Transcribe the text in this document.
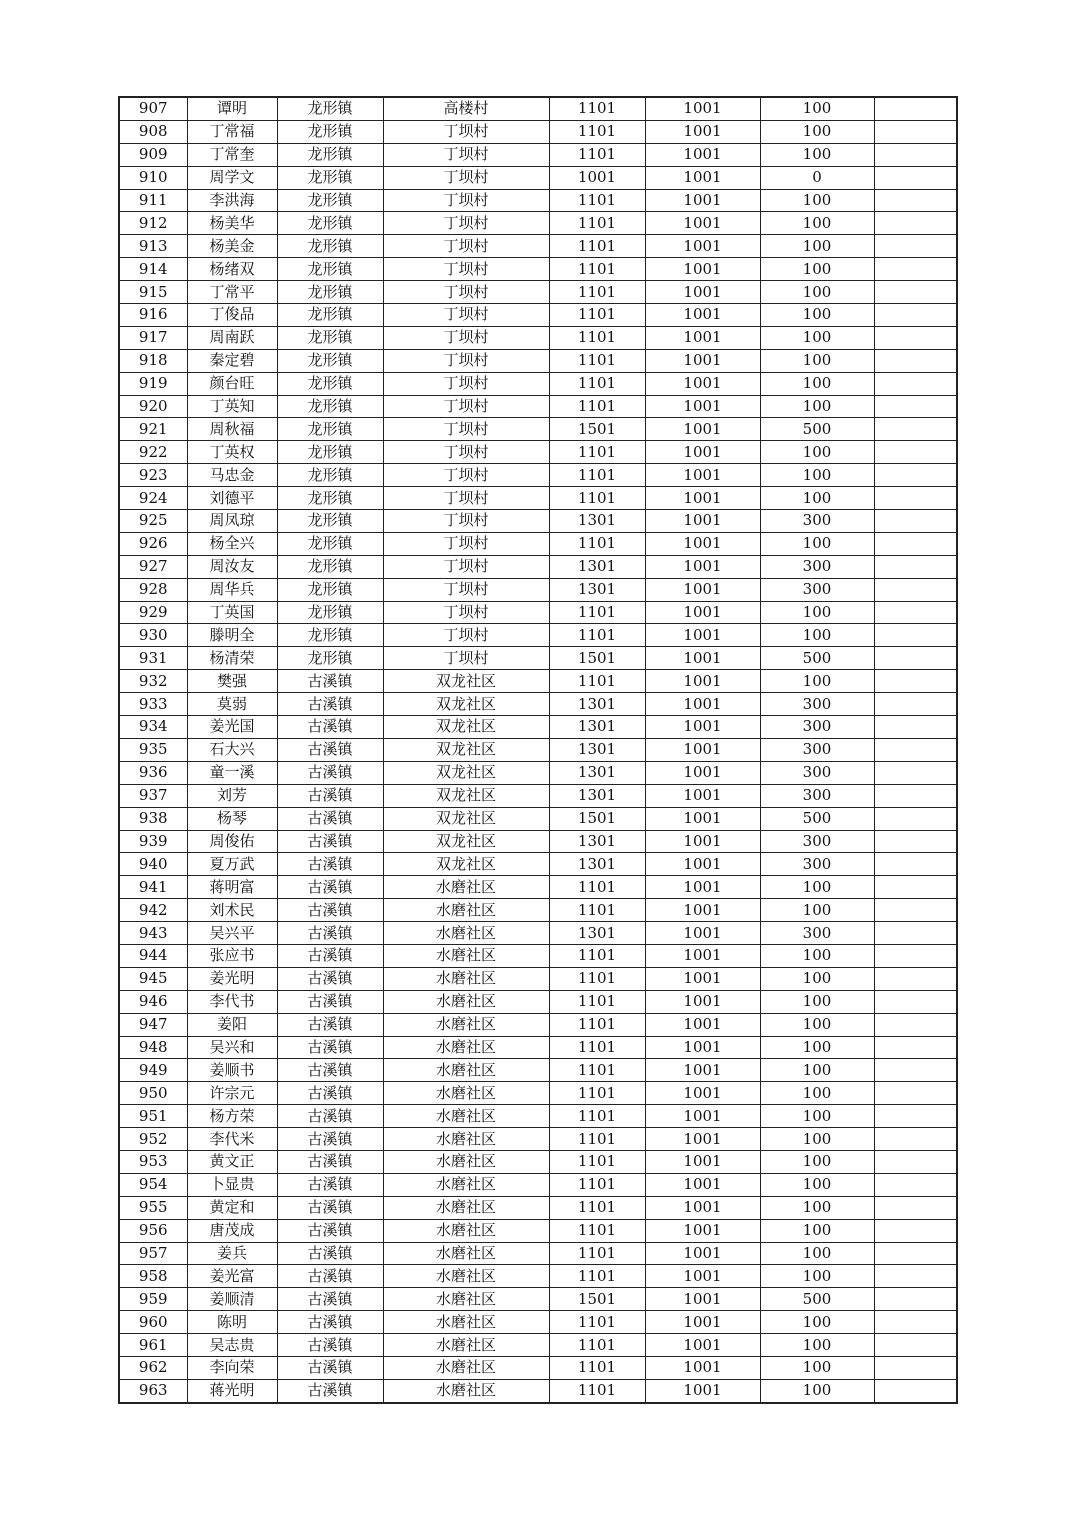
907	谭明	龙形镇	高楼村	1101	1001	100	
908	丁常福	龙形镇	丁坝村	1101	1001	100	
909	丁常奎	龙形镇	丁坝村	1101	1001	100	
910	周学文	龙形镇	丁坝村	1001	1001	0	
911	李洪海	龙形镇	丁坝村	1101	1001	100	
912	杨美华	龙形镇	丁坝村	1101	1001	100	
913	杨美金	龙形镇	丁坝村	1101	1001	100	
914	杨绪双	龙形镇	丁坝村	1101	1001	100	
915	丁常平	龙形镇	丁坝村	1101	1001	100	
916	丁俊品	龙形镇	丁坝村	1101	1001	100	
917	周南跃	龙形镇	丁坝村	1101	1001	100	
918	秦定碧	龙形镇	丁坝村	1101	1001	100	
919	颜台旺	龙形镇	丁坝村	1101	1001	100	
920	丁英知	龙形镇	丁坝村	1101	1001	100	
921	周秋福	龙形镇	丁坝村	1501	1001	500	
922	丁英权	龙形镇	丁坝村	1101	1001	100	
923	马忠金	龙形镇	丁坝村	1101	1001	100	
924	刘德平	龙形镇	丁坝村	1101	1001	100	
925	周凤琼	龙形镇	丁坝村	1301	1001	300	
926	杨全兴	龙形镇	丁坝村	1101	1001	100	
927	周汝友	龙形镇	丁坝村	1301	1001	300	
928	周华兵	龙形镇	丁坝村	1301	1001	300	
929	丁英国	龙形镇	丁坝村	1101	1001	100	
930	滕明全	龙形镇	丁坝村	1101	1001	100	
931	杨清荣	龙形镇	丁坝村	1501	1001	500	
932	樊强	古溪镇	双龙社区	1101	1001	100	
933	莫弱	古溪镇	双龙社区	1301	1001	300	
934	姜光国	古溪镇	双龙社区	1301	1001	300	
935	石大兴	古溪镇	双龙社区	1301	1001	300	
936	童一溪	古溪镇	双龙社区	1301	1001	300	
937	刘芳	古溪镇	双龙社区	1301	1001	300	
938	杨琴	古溪镇	双龙社区	1501	1001	500	
939	周俊佑	古溪镇	双龙社区	1301	1001	300	
940	夏万武	古溪镇	双龙社区	1301	1001	300	
941	蒋明富	古溪镇	水磨社区	1101	1001	100	
942	刘术民	古溪镇	水磨社区	1101	1001	100	
943	吴兴平	古溪镇	水磨社区	1301	1001	300	
944	张应书	古溪镇	水磨社区	1101	1001	100	
945	姜光明	古溪镇	水磨社区	1101	1001	100	
946	李代书	古溪镇	水磨社区	1101	1001	100	
947	姜阳	古溪镇	水磨社区	1101	1001	100	
948	吴兴和	古溪镇	水磨社区	1101	1001	100	
949	姜顺书	古溪镇	水磨社区	1101	1001	100	
950	许宗元	古溪镇	水磨社区	1101	1001	100	
951	杨方荣	古溪镇	水磨社区	1101	1001	100	
952	李代米	古溪镇	水磨社区	1101	1001	100	
953	黄文正	古溪镇	水磨社区	1101	1001	100	
954	卜显贵	古溪镇	水磨社区	1101	1001	100	
955	黄定和	古溪镇	水磨社区	1101	1001	100	
956	唐茂成	古溪镇	水磨社区	1101	1001	100	
957	姜兵	古溪镇	水磨社区	1101	1001	100	
958	姜光富	古溪镇	水磨社区	1101	1001	100	
959	姜顺清	古溪镇	水磨社区	1501	1001	500	
960	陈明	古溪镇	水磨社区	1101	1001	100	
961	吴志贵	古溪镇	水磨社区	1101	1001	100	
962	李向荣	古溪镇	水磨社区	1101	1001	100	
963	蒋光明	古溪镇	水磨社区	1101	1001	100	
